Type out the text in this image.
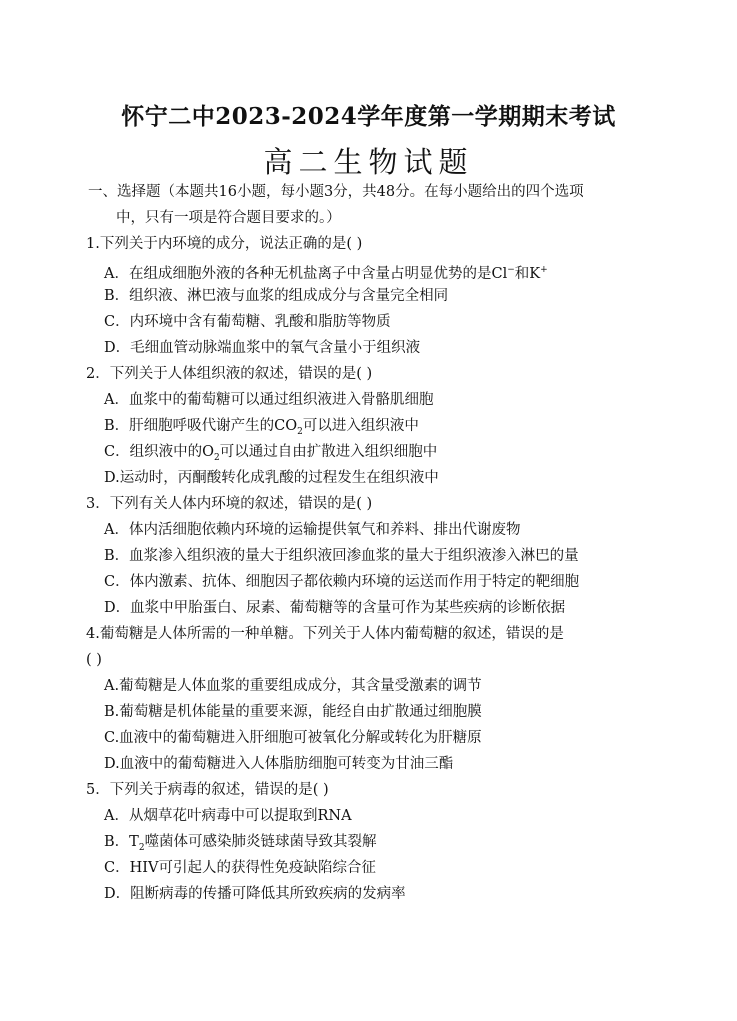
怀宁二中2023-2024学年度第一学期期末考试
高二生物试题
一、选择题（本题共16小题，每小题3分，共48分。在每小题给出的四个选项
中，只有一项是符合题目要求的。）
1.下列关于内环境的成分，说法正确的是( )
A．在组成细胞外液的各种无机盐离子中含量占明显优势的是Cl−和K+
B．组织液、淋巴液与血浆的组成成分与含量完全相同
C．内环境中含有葡萄糖、乳酸和脂肪等物质
D．毛细血管动脉端血浆中的氧气含量小于组织液
2．下列关于人体组织液的叙述，错误的是( )
A．血浆中的葡萄糖可以通过组织液进入骨骼肌细胞
B．肝细胞呼吸代谢产生的$CO_2$可以进入组织液中
C．组织液中的$O_2$可以通过自由扩散进入组织细胞中
D.运动时，丙酮酸转化成乳酸的过程发生在组织液中
3．下列有关人体内环境的叙述，错误的是( )
A．体内活细胞依赖内环境的运输提供氧气和养料、排出代谢废物
B．血浆渗入组织液的量大于组织液回渗血浆的量大于组织液渗入淋巴的量
C．体内激素、抗体、细胞因子都依赖内环境的运送而作用于特定的靶细胞
D．血浆中甲胎蛋白、尿素、葡萄糖等的含量可作为某些疾病的诊断依据
4.葡萄糖是人体所需的一种单糖。下列关于人体内葡萄糖的叙述，错误的是
( )
A.葡萄糖是人体血浆的重要组成成分，其含量受激素的调节
B.葡萄糖是机体能量的重要来源，能经自由扩散通过细胞膜
C.血液中的葡萄糖进入肝细胞可被氧化分解或转化为肝糖原
D.血液中的葡萄糖进入人体脂肪细胞可转变为甘油三酯
5．下列关于病毒的叙述，错误的是( )
A．从烟草花叶病毒中可以提取到RNA
B．$T_2$噬菌体可感染肺炎链球菌导致其裂解
C．HIV可引起人的获得性免疫缺陷综合征
D．阻断病毒的传播可降低其所致疾病的发病率
